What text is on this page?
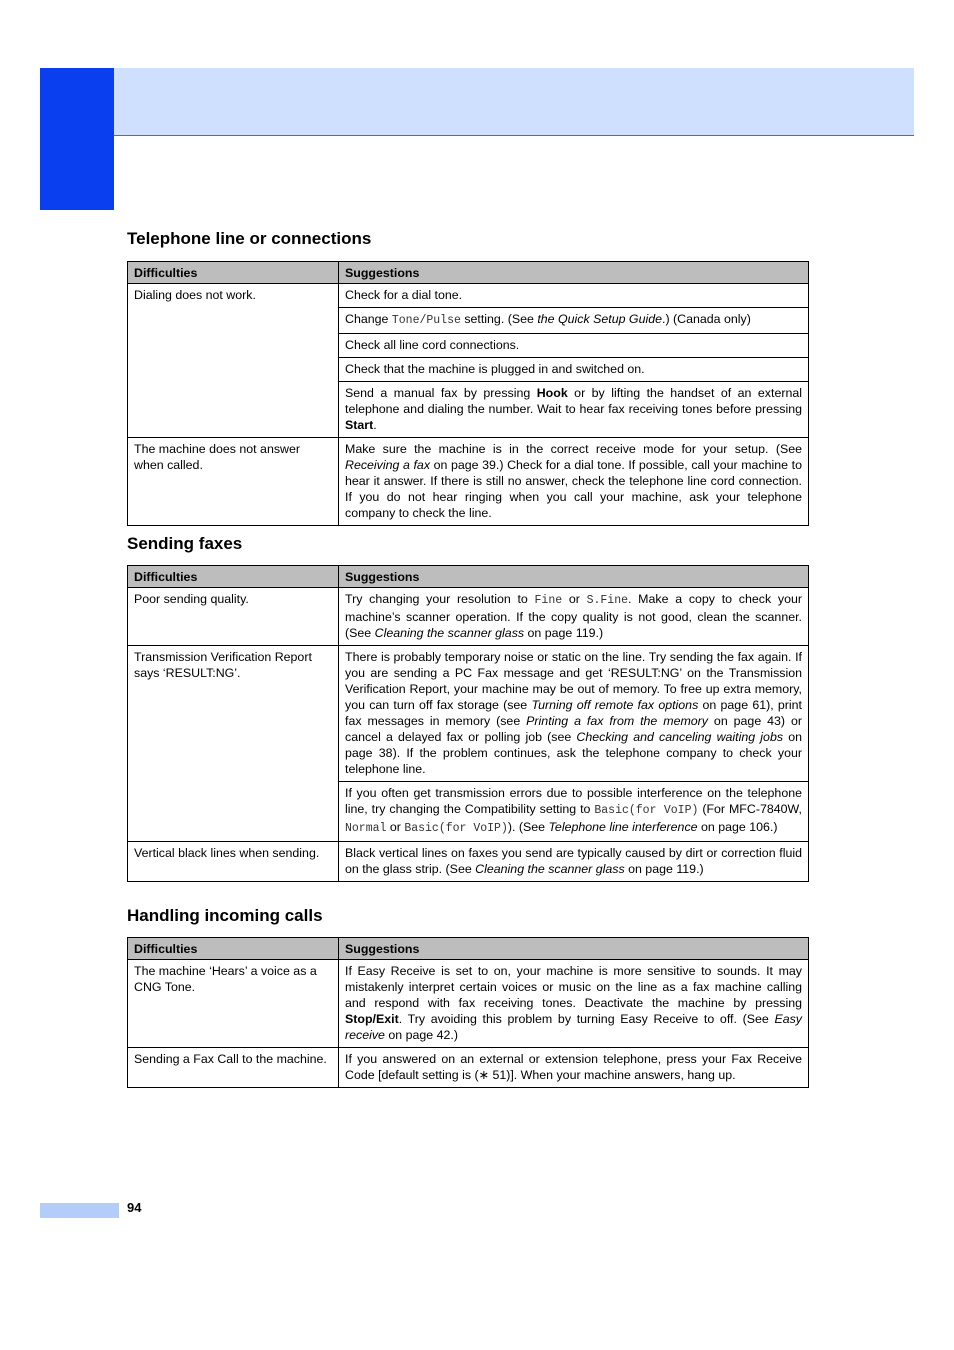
Telephone line or connections
Difficulties	Suggestions
Dialing does not work.	Check for a dial tone.
	Change Tone/Pulse setting. (See the Quick Setup Guide.) (Canada only)
	Check all line cord connections.
	Check that the machine is plugged in and switched on.
	Send a manual fax by pressing Hook or by lifting the handset of an external telephone and dialing the number. Wait to hear fax receiving tones before pressing Start.
The machine does not answer when called.	Make sure the machine is in the correct receive mode for your setup. (See Receiving a fax on page 39.) Check for a dial tone. If possible, call your machine to hear it answer. If there is still no answer, check the telephone line cord connection. If you do not hear ringing when you call your machine, ask your telephone company to check the line.
Sending faxes
Difficulties	Suggestions
Poor sending quality.	Try changing your resolution to Fine or S.Fine. Make a copy to check your machine’s scanner operation. If the copy quality is not good, clean the scanner. (See Cleaning the scanner glass on page 119.)
Transmission Verification Report says ‘RESULT:NG’.	There is probably temporary noise or static on the line. Try sending the fax again. If you are sending a PC Fax message and get ‘RESULT:NG’ on the Transmission Verification Report, your machine may be out of memory. To free up extra memory, you can turn off fax storage (see Turning off remote fax options on page 61), print fax messages in memory (see Printing a fax from the memory on page 43) or cancel a delayed fax or polling job (see Checking and canceling waiting jobs on page 38). If the problem continues, ask the telephone company to check your telephone line.
	If you often get transmission errors due to possible interference on the telephone line, try changing the Compatibility setting to Basic(for VoIP) (For MFC-7840W, Normal or Basic(for VoIP)). (See Telephone line interference on page 106.)
Vertical black lines when sending.	Black vertical lines on faxes you send are typically caused by dirt or correction fluid on the glass strip. (See Cleaning the scanner glass on page 119.)
Handling incoming calls
Difficulties	Suggestions
The machine ‘Hears’ a voice as a CNG Tone.	If Easy Receive is set to on, your machine is more sensitive to sounds. It may mistakenly interpret certain voices or music on the line as a fax machine calling and respond with fax receiving tones. Deactivate the machine by pressing Stop/Exit. Try avoiding this problem by turning Easy Receive to off. (See Easy receive on page 42.)
Sending a Fax Call to the machine.	If you answered on an external or extension telephone, press your Fax Receive Code [default setting is (∗ 51)]. When your machine answers, hang up.
94
